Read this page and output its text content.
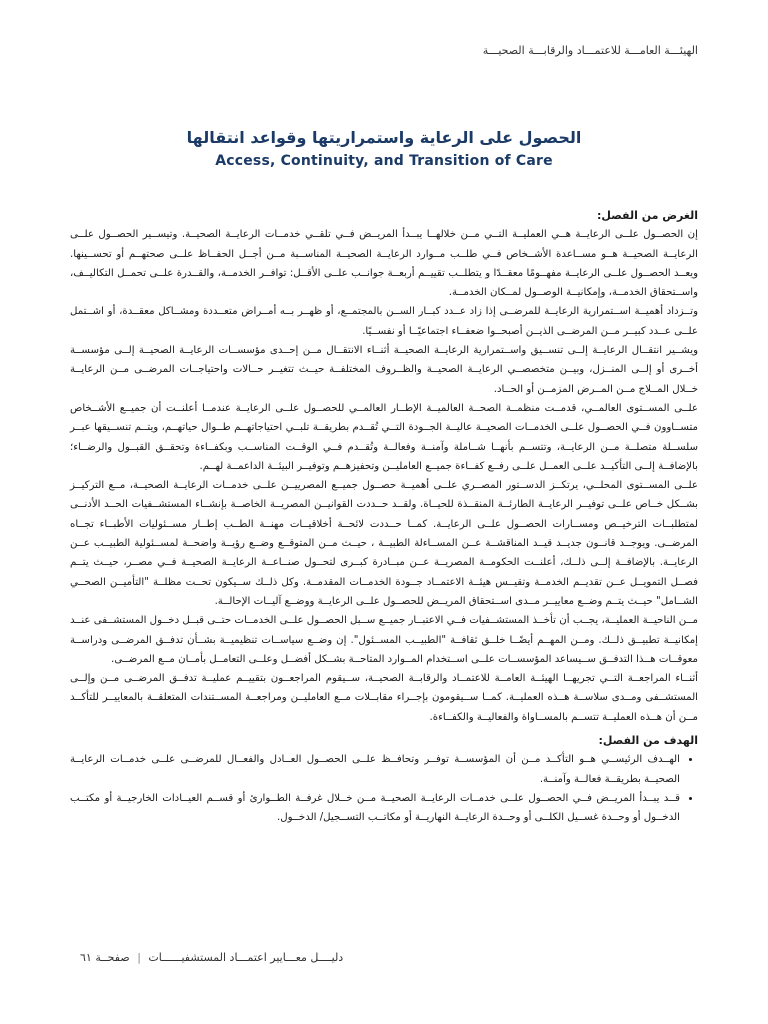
الهيئـــة العامـــة للاعتمـــاد والرقابـــة الصحيـــة

الحصول على الرعاية واستمراريتها وقواعد انتقالها

Access, Continuity, and Transition of Care

الغرض من الفصل:

إن الحصــول علــى الرعايــة هــي العمليــة التــي مــن خلالهــا يبــدأ المريــض فــي تلقــي خدمــات الرعايــة الصحيــة. وتيســير الحصــول علــى الرعايــة الصحيــة هــو مســاعدة الأشــخاص فــي طلــب مــوارد الرعايــة الصحيــة المناســبة مــن أجــل الحفــاظ علــى صحتهــم أو تحســينها. ويعــد الحصــول علــى الرعايــة مفهــومًا معقــدًا و يتطلــب تقييــم أربعــة جوانــب علــى الأقــل: توافــر الخدمــة، والقــدرة علــى تحمــل التكاليــف، واســتحقاق الخدمــة، وإمكانيــة الوصــول لمــكان الخدمــة.

وتــزداد أهميــة اســتمرارية الرعايــة للمرضــى إذا زاد عــدد كبــار الســن بالمجتمــع، أو ظهــر بــه أمــراض متعــددة ومشــاكل معقــدة، أو اشــتمل علــى عــدد كبيــر مــن المرضــى الذيــن أصبحــوا ضعفــاء اجتماعيًــا أو نفســيًا.

ويشــير انتقــال الرعايــة إلــى تنســيق واســتمرارية الرعايــة الصحيــة أثنــاء الانتقــال مــن إحــدى مؤسســات الرعايــة الصحيــة إلــى مؤسســة أخــرى أو إلــى المنــزل، وبيــن متخصصــي الرعايــة الصحيــة والظــروف المختلفــة حيــث تتغيــر حــالات واحتياجــات المرضــى مــن الرعايــة خــلال المــلاج مــن المــرض المزمــن أو الحــاد.

علــى المســتوى العالمــي، قدمــت منظمــة الصحــة العالميــة الإطــار العالمــي للحصــول علــى الرعايــة عندمــا أعلنــت أن جميــع الأشــخاص متســاوون فــي الحصــول علــى الخدمــات الصحيــة عاليــة الجــودة التــي تُقــدم بطريقــة تلبــي احتياجاتهــم طــوال حياتهــم، ويتــم تنســيقها عبــر سلســلة متصلــة مــن الرعايــة، وتتســم بأنهــا شــاملة وآمنــة وفعالــة وتُقــدم فــي الوقــت المناســب وبكفــاءة وتحقــق القبــول والرضــاء؛ بالإضافــة إلــى التأكيــد علــى العمــل علــى رفــع كفــاءة جميــع العامليــن وتحفيزهــم وتوفيــر البيئــة الداعمــة لهــم.

علــى المســتوى المحلــي، يرتكــز الدســتور المصــري علــى أهميــة حصــول جميــع المصرييــن علــى خدمــات الرعايــة الصحيــة، مــع التركيــز بشــكل خــاص علــى توفيــر الرعايــة الطارئــة المنقــذة للحيــاة. ولقــد حــددت القوانيــن المصريــة الخاصــة بإنشــاء المستشــفيات الحــد الأدنــى لمتطلبــات الترخيــص ومســارات الحصــول علــى الرعايــة. كمــا حــددت لائحــة أخلاقيــات مهنــة الطــب إطــار مســئوليات الأطبــاء تجــاه المرضــى. ويوجــد قانــون جديــد قيــد المناقشــة عــن المســاءلة الطبيــة ، حيــث مــن المتوقــع وضــع رؤيــة واضحــة لمســئولية الطبيــب عــن الرعايــة. بالإضافــة إلــى ذلــك، أعلنــت الحكومــة المصريــة عــن مبــادرة كبــرى لتحــول صنــاعــة الرعايــة الصحيــة فــي مصــر، حيــث يتــم فصــل التمويــل عــن تقديــم الخدمــة وتقيــس هيئــة الاعتمــاد جــودة الخدمــات المقدمــة. وكل ذلــك ســيكون تحــت مظلــة "التأميــن الصحــي الشــامل" حيــث يتــم وضــع معاييــر مــدى اســتحقاق المريــض للحصــول علــى الرعايــة ووضــع آليــات الإحالــة.

مــن الناحيــة العمليــة، يجــب أن تأخــذ المستشــفيات فــي الاعتبــار جميــع ســبل الحصــول علــى الخدمــات حتــى قبــل دخــول المستشــفى عنــد إمكانيــة تطبيــق ذلــك. ومــن المهــم أيضًــا خلــق ثقافــة "الطبيــب المســئول". إن وضــع سياســات تنظيميــة بشــأن تدفــق المرضــى ودراســة معوقــات هــذا التدفــق ســيساعد المؤسســات علــى اســتخدام المــوارد المتاحــة بشــكل أفضــل وعلــى التعامــل بأمــان مــع المرضــى.

أثنــاء المراجعــة التــي تجريهــا الهيئــة العامــة للاعتمــاد والرقابــة الصحيــة، ســيقوم المراجعــون بتقييــم عمليــة تدفــق المرضــى مــن وإلــى المستشــفى ومــدى سلاســة هــذه العمليــة. كمــا ســيقومون بإجــراء مقابــلات مــع العامليــن ومراجعــة المســتندات المتعلقــة بالمعاييــر للتأكــد مــن أن هــذه العمليــة تتســم بالمســاواة والفعاليــة والكفــاءة.

الهدف من الفصل:
• الهــدف الرئيســي هــو التأكــد مــن أن المؤسســة توفــر وتحافــظ علــى الحصــول العــادل والفعــال للمرضــى علــى خدمــات الرعايــة الصحيــة بطريقــة فعالــة وآمنــة.
• قــد يبــدأ المريــض فــي الحصــول علــى خدمــات الرعايــة الصحيــة مــن خــلال غرفــة الطــوارئ أو قســم العيــادات الخارجيــة أو مكتــب الدخــول أو وحــدة غســيل الكلــى أو وحــدة الرعايــة النهاريــة أو مكاتــب التســجيل/ الدخــول.
دليــــل معـــايير اعتمـــاد المستشفيــــــات | صفحــة ٦١
